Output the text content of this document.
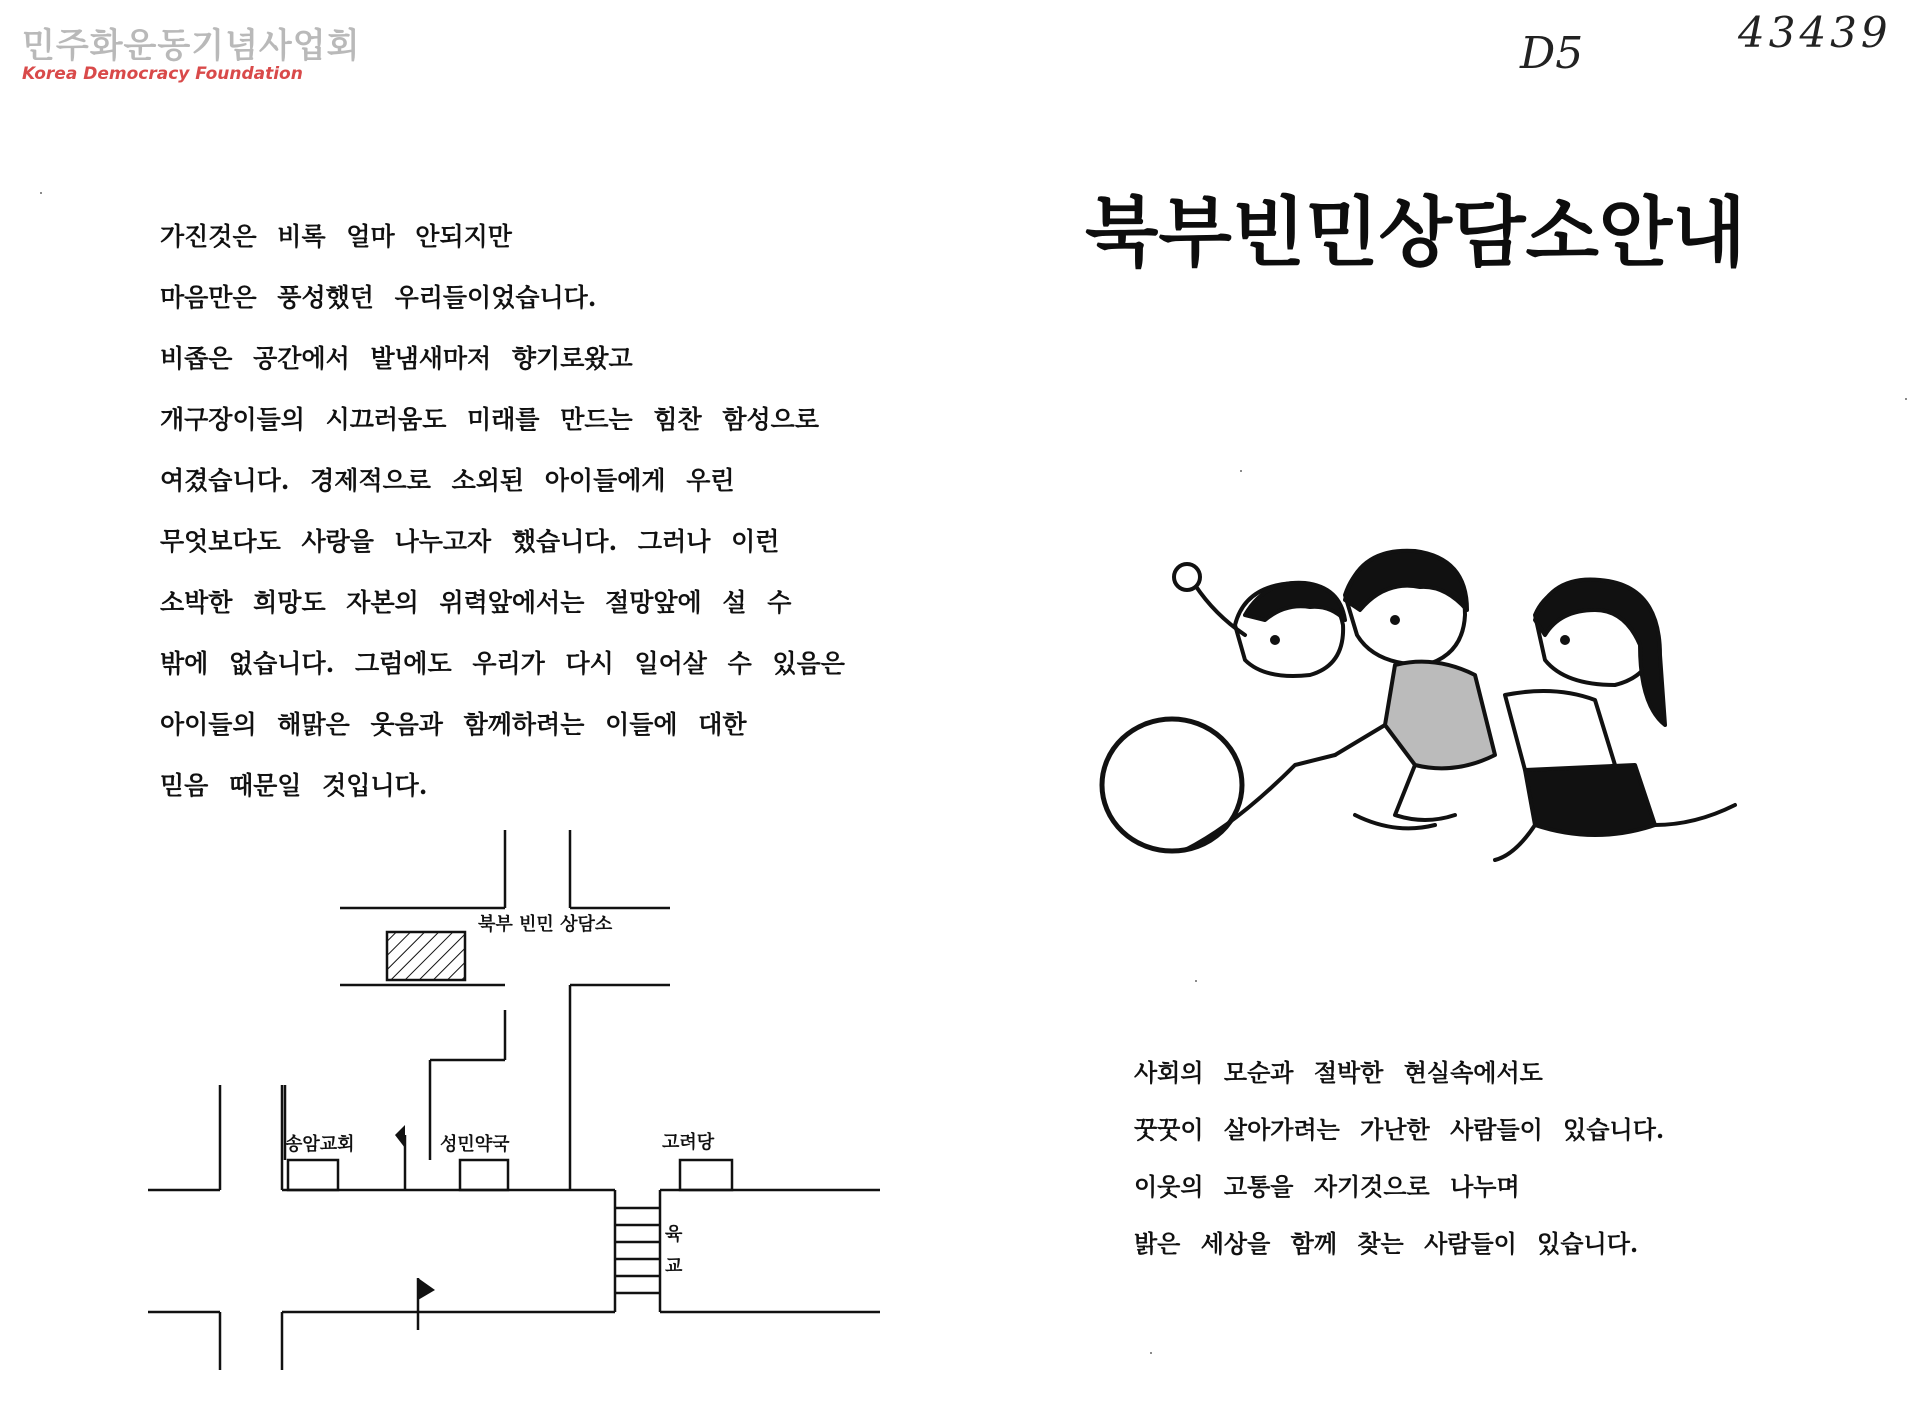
민주화운동기념사업회
Korea Democracy Foundation	D5	43439
가진것은 비록 얼마 안되지만
마음만은 풍성했던 우리들이었습니다.
비좁은 공간에서 발냄새마저 향기로왔고
개구장이들의 시끄러움도 미래를 만드는 힘찬 함성으로
여겼습니다. 경제적으로 소외된 아이들에게 우린
무엇보다도 사랑을 나누고자 했습니다. 그러나 이런
소박한 희망도 자본의 위력앞에서는 절망앞에 설 수
밖에 없습니다. 그럼에도 우리가 다시 일어살 수 있음은
아이들의 해맑은 웃음과 함께하려는 이들에 대한
믿음 때문일 것입니다.
북부빈민상담소안내
사회의 모순과 절박한 현실속에서도
꿋꿋이 살아가려는 가난한 사람들이 있습니다.
이웃의 고통을 자기것으로 나누며
밝은 세상을 함께 찾는 사람들이 있습니다.
북부 빈민 상담소
송암교회	성민약국	고려당
육
교
